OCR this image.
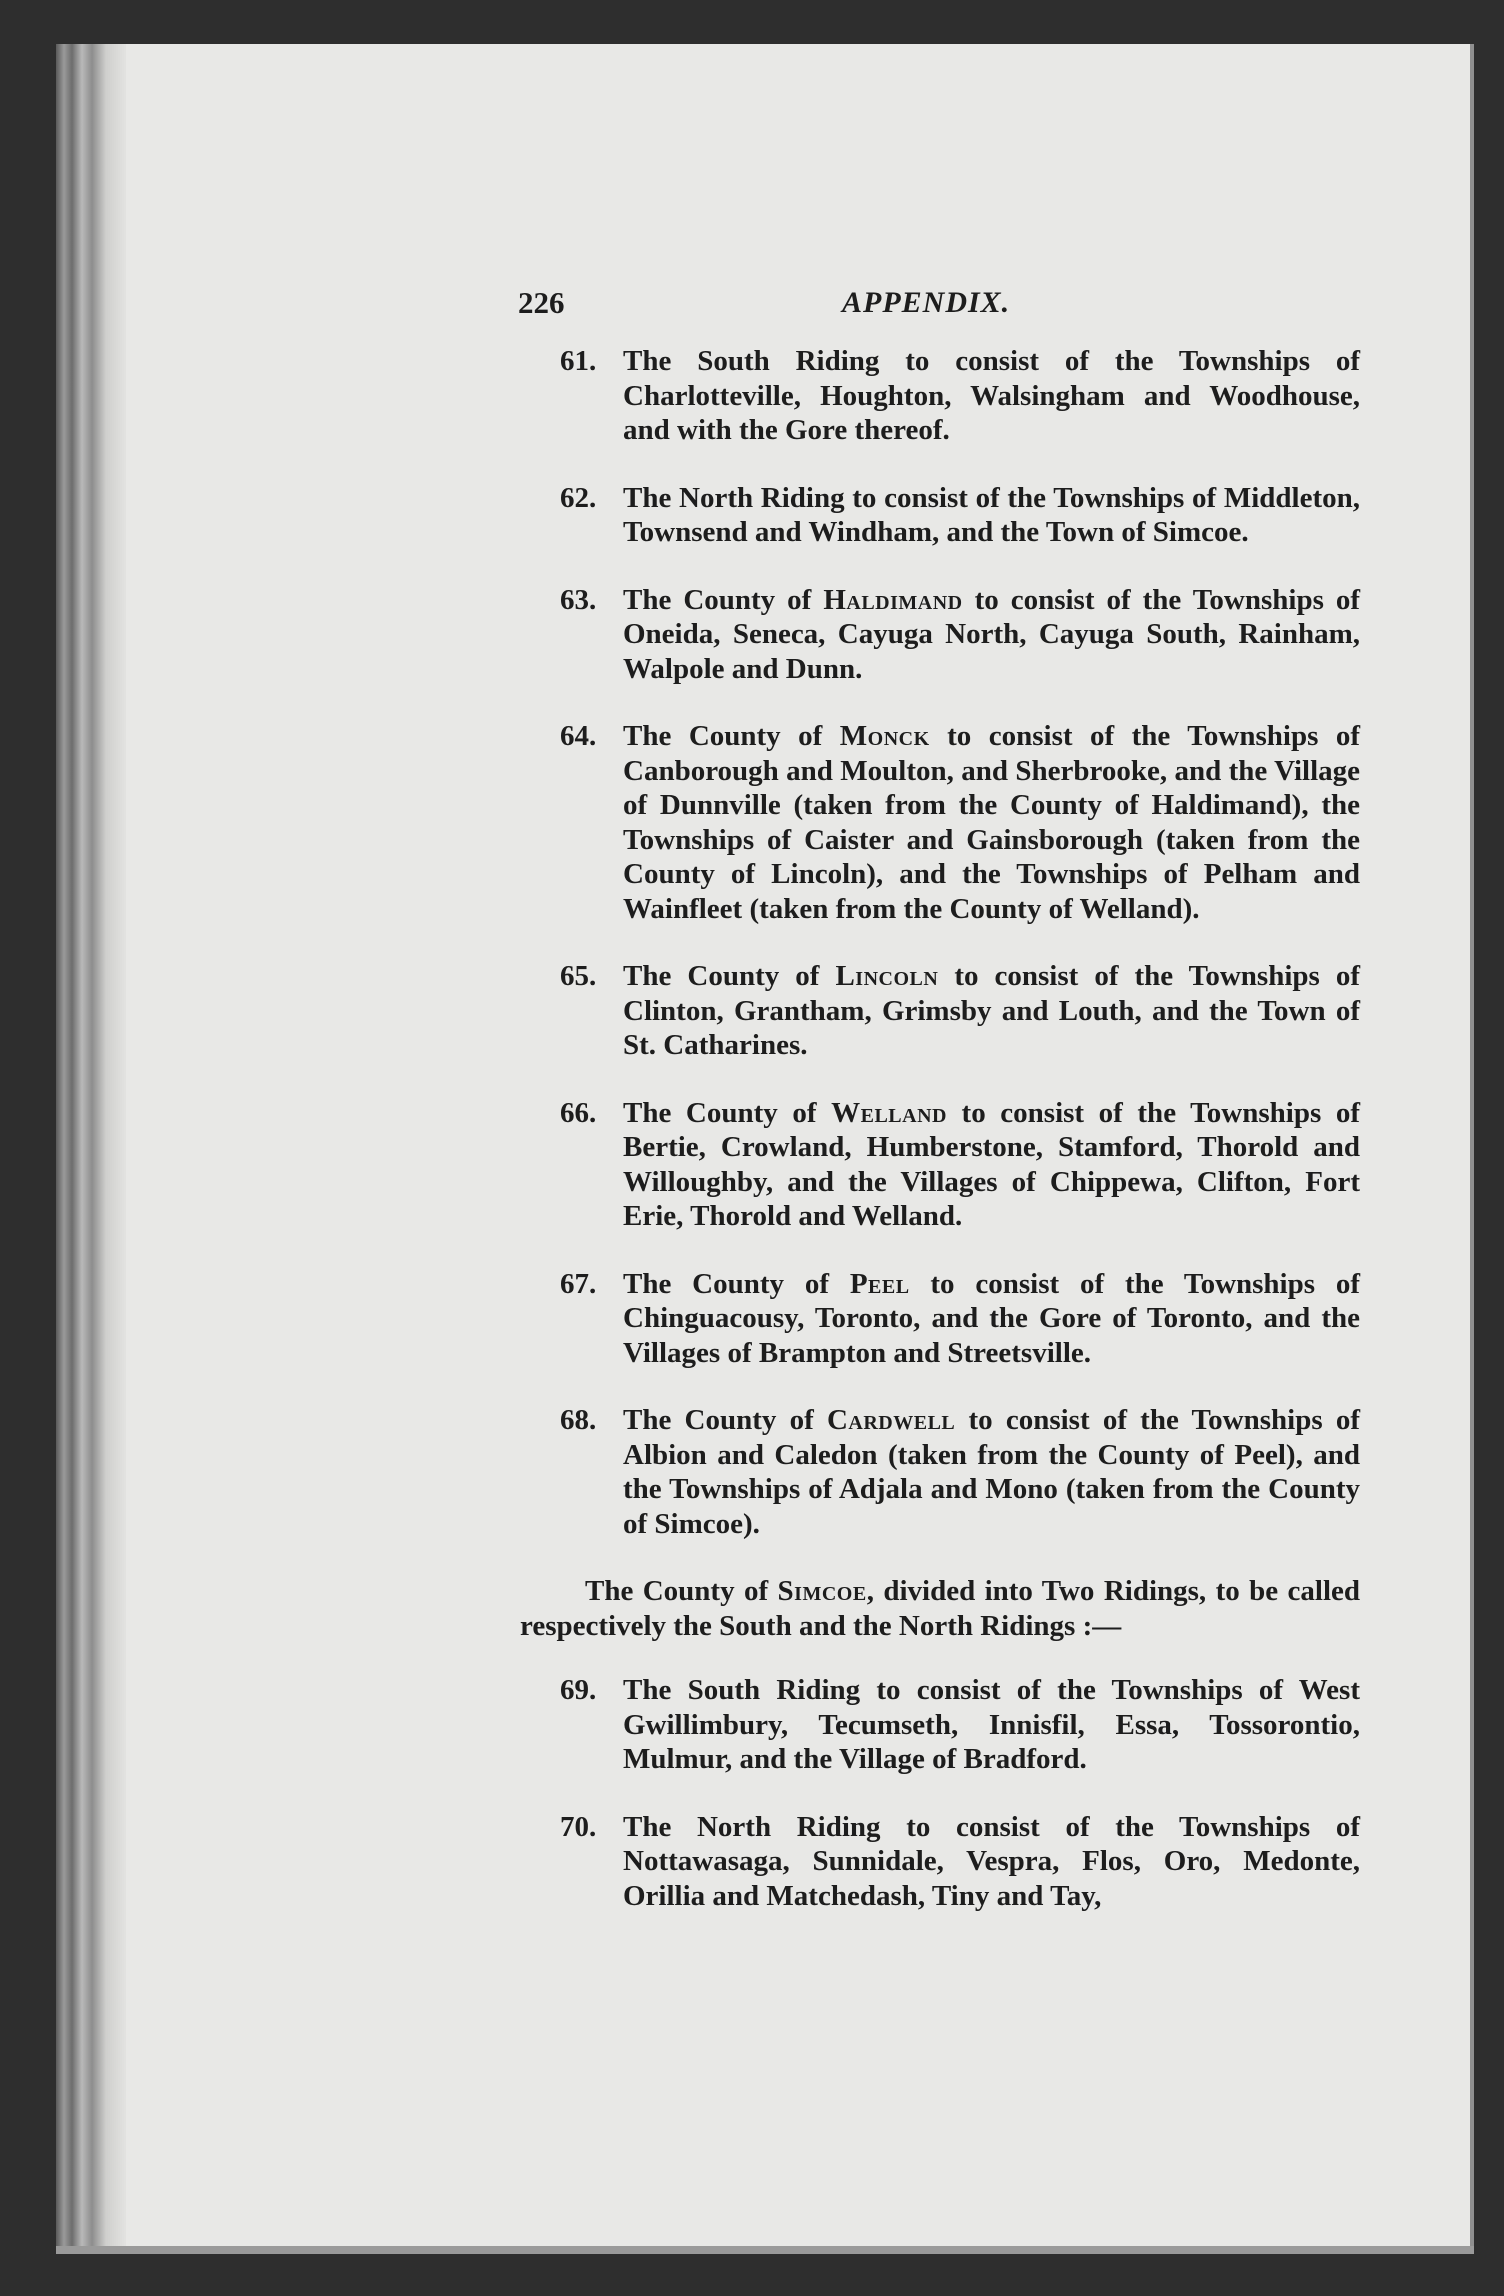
226	APPENDIX.
61. The South Riding to consist of the Townships of Charlotteville, Houghton, Walsingham and Woodhouse, and with the Gore thereof.
62. The North Riding to consist of the Townships of Middleton, Townsend and Windham, and the Town of Simcoe.
63. The County of Haldimand to consist of the Townships of Oneida, Seneca, Cayuga North, Cayuga South, Rainham, Walpole and Dunn.
64. The County of Monck to consist of the Townships of Canborough and Moulton, and Sherbrooke, and the Village of Dunnville (taken from the County of Haldimand), the Townships of Caister and Gainsborough (taken from the County of Lincoln), and the Townships of Pelham and Wainfleet (taken from the County of Welland).
65. The County of Lincoln to consist of the Townships of Clinton, Grantham, Grimsby and Louth, and the Town of St. Catharines.
66. The County of Welland to consist of the Townships of Bertie, Crowland, Humberstone, Stamford, Thorold and Willoughby, and the Villages of Chippewa, Clifton, Fort Erie, Thorold and Welland.
67. The County of Peel to consist of the Townships of Chinguacousy, Toronto, and the Gore of Toronto, and the Villages of Brampton and Streetsville.
68. The County of Cardwell to consist of the Townships of Albion and Caledon (taken from the County of Peel), and the Townships of Adjala and Mono (taken from the County of Simcoe).
The County of Simcoe, divided into Two Ridings, to be called respectively the South and the North Ridings :—
69. The South Riding to consist of the Townships of West Gwillimbury, Tecumseth, Innisfil, Essa, Tossorontio, Mulmur, and the Village of Bradford.
70. The North Riding to consist of the Townships of Nottawasaga, Sunnidale, Vespra, Flos, Oro, Medonte, Orillia and Matchedash, Tiny and Tay,
